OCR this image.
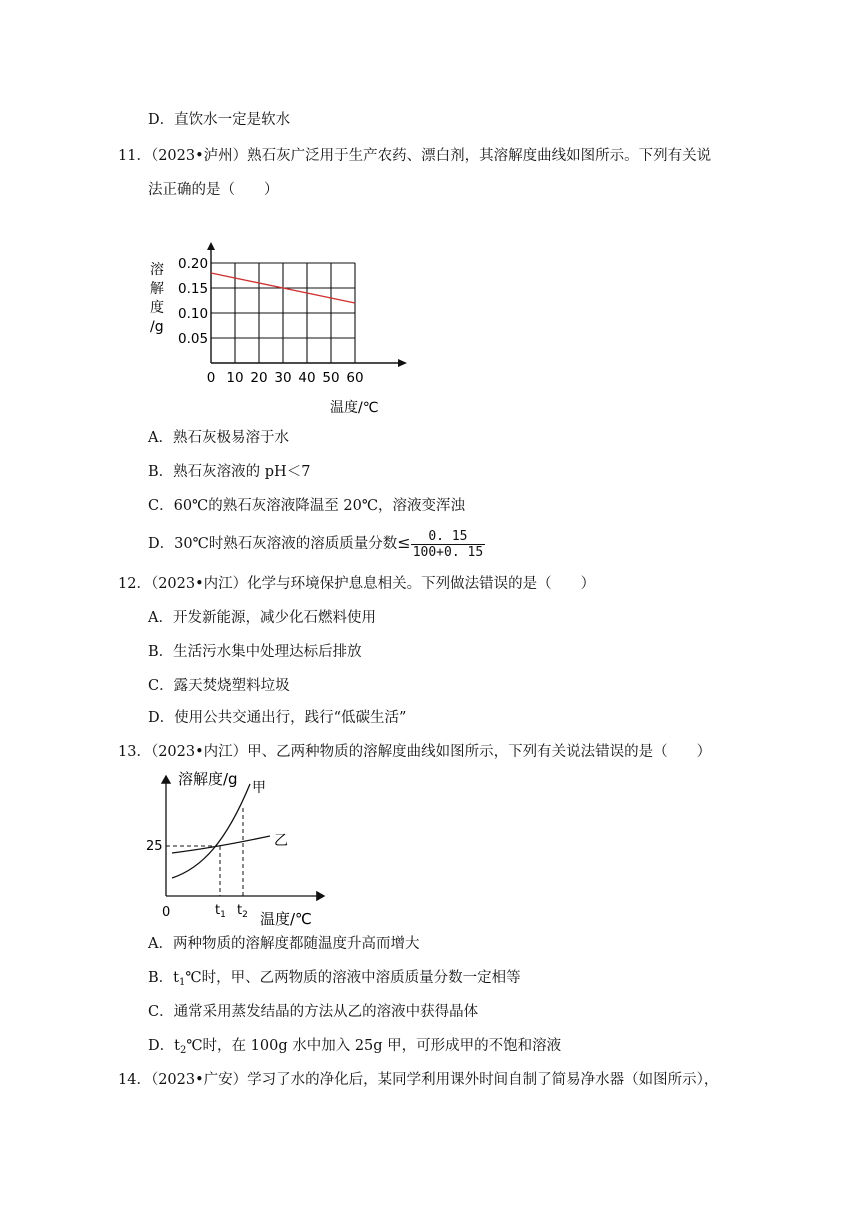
D．直饮水一定是软水
11．（2023•泸州）熟石灰广泛用于生产农药、漂白剂，其溶解度曲线如图所示。下列有关说
法正确的是（　　）
溶
解
度
/g
0.20
0.15
0.10
0.05
0 10 20 30 40 50 60
温度/℃
A．熟石灰极易溶于水
B．熟石灰溶液的 pH＜7
C．60℃的熟石灰溶液降温至 20℃，溶液变浑浊
D．30℃时熟石灰溶液的溶质质量分数≤ $\frac{0. 15}{100+0. 15}$
12．（2023•内江）化学与环境保护息息相关。下列做法错误的是（　　）
A．开发新能源，减少化石燃料使用
B．生活污水集中处理达标后排放
C．露天焚烧塑料垃圾
D．使用公共交通出行，践行“低碳生活”
13．（2023•内江）甲、乙两种物质的溶解度曲线如图所示，下列有关说法错误的是（　　）
溶解度/g
温度/℃
0
25
甲
乙
$t_1$ $t_2$
A．两种物质的溶解度都随温度升高而增大
B．$t_1℃$时，甲、乙两物质的溶液中溶质质量分数一定相等
C．通常采用蒸发结晶的方法从乙的溶液中获得晶体
D．$t_2℃$时，在 100g 水中加入 25g 甲，可形成甲的不饱和溶液
14．（2023•广安）学习了水的净化后，某同学利用课外时间自制了简易净水器（如图所示），
